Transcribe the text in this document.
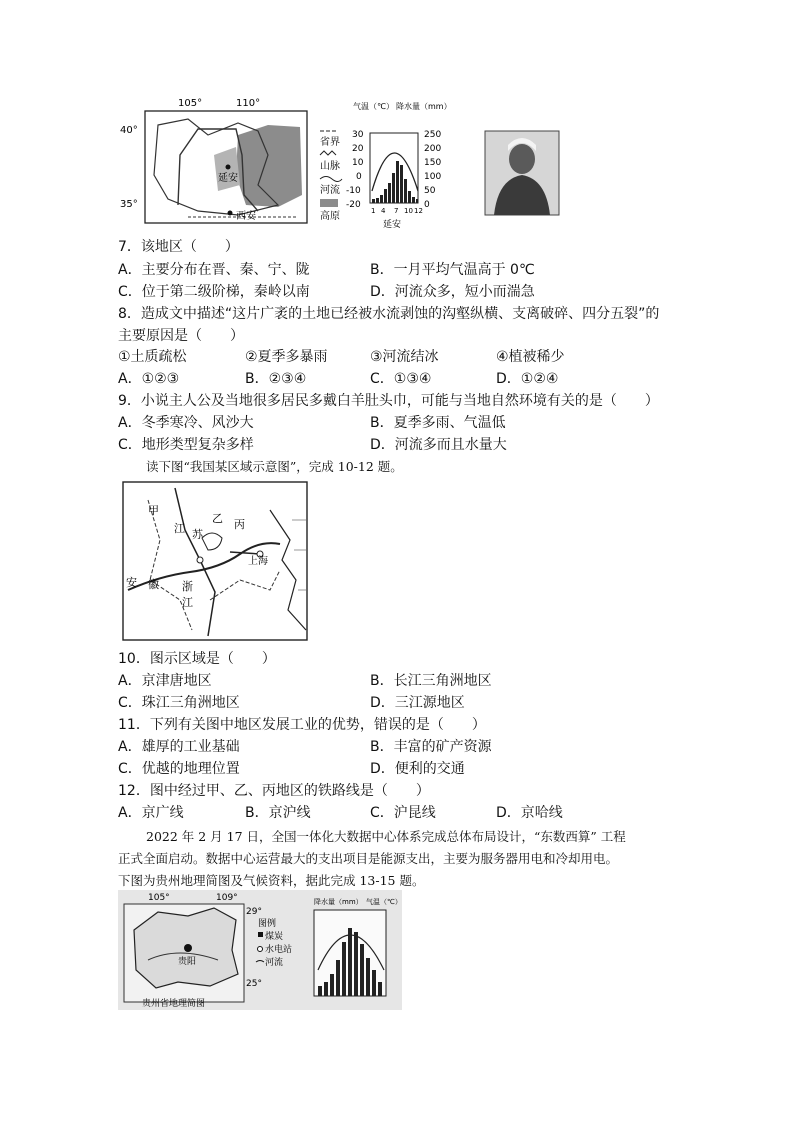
105°	110°
40°
35°
延安
西安
省界
山脉
河流
高原
气温（℃） 降水量（mm）
30
20
10
0
-10
-20
250
200
150
100
50
0
1 4 7 10 12
延安
7．该地区（　　）
A．主要分布在晋、秦、宁、陇	B．一月平均气温高于 0℃
C．位于第二级阶梯，秦岭以南	D．河流众多，短小而湍急
8．造成文中描述“这片广袤的土地已经被水流剥蚀的沟壑纵横、支离破碎、四分五裂”的
主要原因是（　　）
①土质疏松	②夏季多暴雨	③河流结冰	④植被稀少
A．①②③	B．②③④	C．①③④	D．①②④
9．小说主人公及当地很多居民多戴白羊肚头巾，可能与当地自然环境有关的是（　　）
A．冬季寒冷、风沙大	B．夏季多雨、气温低
C．地形类型复杂多样	D．河流多而且水量大
读下图“我国某区域示意图”，完成 10-12 题。
甲
乙 丙
江 苏
上海
安 徽 浙
江
10．图示区域是（　　）
A．京津唐地区	B．长江三角洲地区
C．珠江三角洲地区	D．三江源地区
11．下列有关图中地区发展工业的优势，错误的是（　　）
A．雄厚的工业基础	B．丰富的矿产资源
C．优越的地理位置	D．便利的交通
12．图中经过甲、乙、丙地区的铁路线是（　　）
A．京广线	B．京沪线	C．沪昆线	D．京哈线
2022 年 2 月 17 日，全国一体化大数据中心体系完成总体布局设计，“东数西算” 工程
正式全面启动。数据中心运营最大的支出项目是能源支出，主要为服务器用电和冷却用电。
下图为贵州地理简图及气候资料，据此完成 13-15 题。
105°	109°
29°
25°
贵阳
图例
煤炭
水电站
河流
贵州省地理简图
降水量（mm） 气温（℃）
